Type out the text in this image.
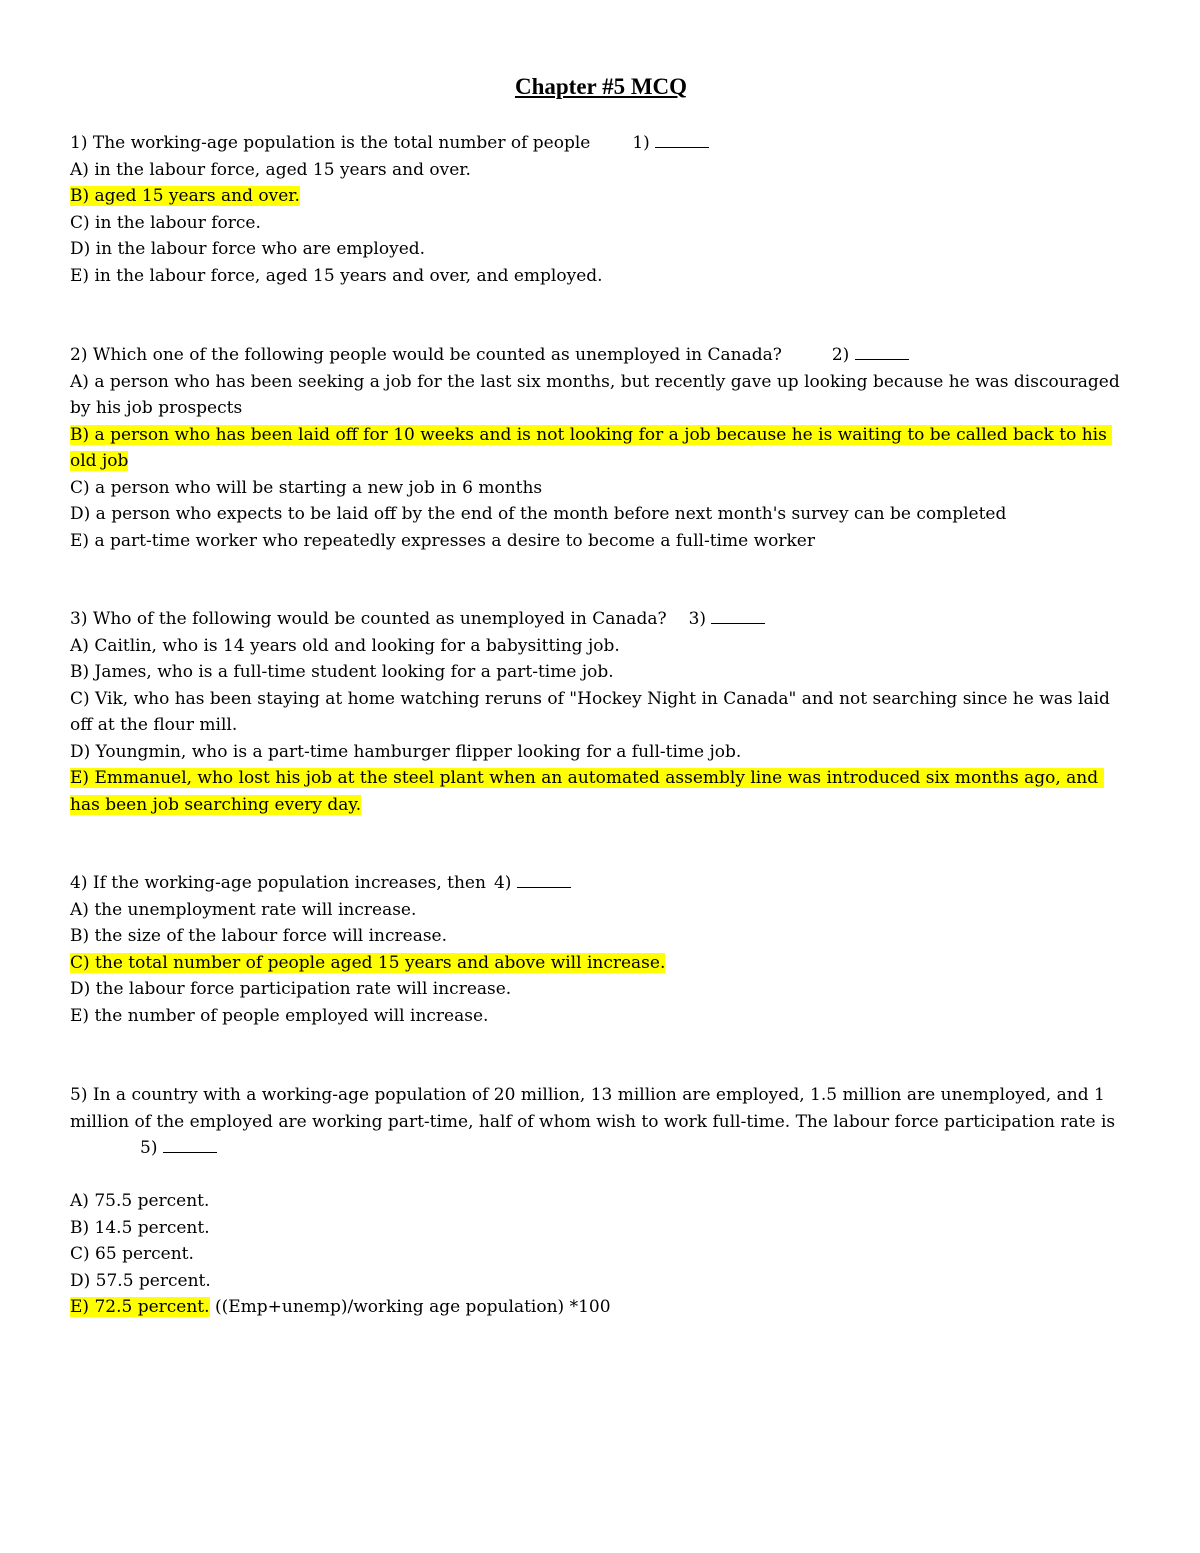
Chapter #5 MCQ
1) The working-age population is the total number of people 1)
A) in the labour force, aged 15 years and over.
B) aged 15 years and over.
C) in the labour force.
D) in the labour force who are employed.
E) in the labour force, aged 15 years and over, and employed.
2) Which one of the following people would be counted as unemployed in Canada?	2)
A) a person who has been seeking a job for the last six months, but recently gave up looking because he was discouraged by his job prospects
B) a person who has been laid off for 10 weeks and is not looking for a job because he is waiting to be called back to his old job
C) a person who will be starting a new job in 6 months
D) a person who expects to be laid off by the end of the month before next month's survey can be completed
E) a part-time worker who repeatedly expresses a desire to become a full-time worker
3) Who of the following would be counted as unemployed in Canada? 3)
A) Caitlin, who is 14 years old and looking for a babysitting job.
B) James, who is a full-time student looking for a part-time job.
C) Vik, who has been staying at home watching reruns of "Hockey Night in Canada" and not searching since he was laid off at the flour mill.
D) Youngmin, who is a part-time hamburger flipper looking for a full-time job.
E) Emmanuel, who lost his job at the steel plant when an automated assembly line was introduced six months ago, and has been job searching every day.
4) If the working-age population increases, then 4)
A) the unemployment rate will increase.
B) the size of the labour force will increase.
C) the total number of people aged 15 years and above will increase.
D) the labour force participation rate will increase.
E) the number of people employed will increase.
5) In a country with a working-age population of 20 million, 13 million are employed, 1.5 million are unemployed, and 1 million of the employed are working part-time, half of whom wish to work full-time. The labour force participation rate is
5)
A) 75.5 percent.
B) 14.5 percent.
C) 65 percent.
D) 57.5 percent.
E) 72.5 percent. ((Emp+unemp)/working age population) *100
